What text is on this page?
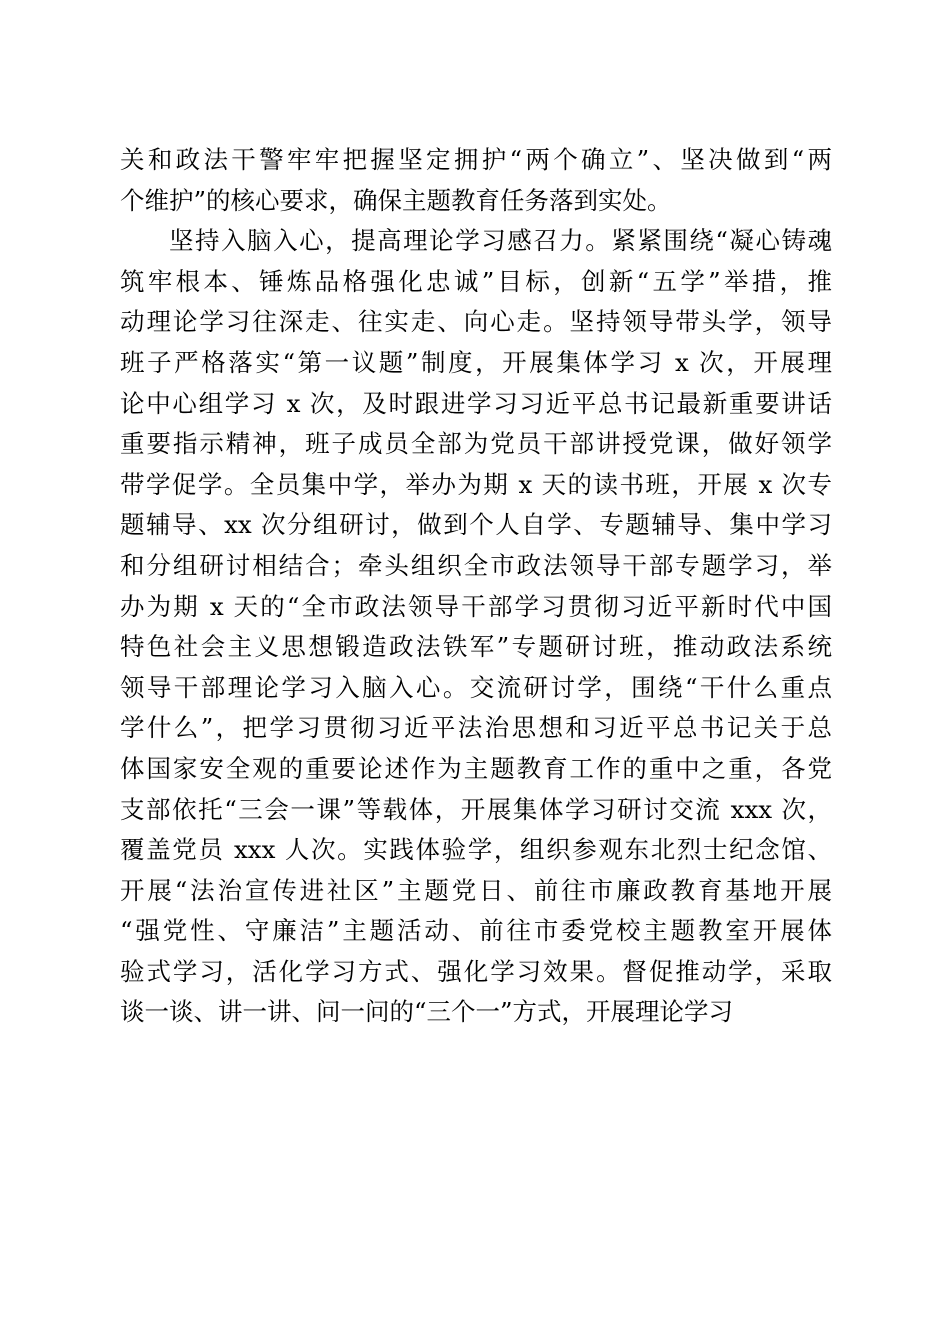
关和政法干警牢牢把握坚定拥护“两个确立”、坚决做到“两
个维护”的核心要求，确保主题教育任务落到实处。
坚持入脑入心，提高理论学习感召力。紧紧围绕“凝心铸魂
筑牢根本、锤炼品格强化忠诚”目标，创新“五学”举措，推
动理论学习往深走、往实走、向心走。坚持领导带头学，领导
班子严格落实“第一议题”制度，开展集体学习 x 次，开展理
论中心组学习 x 次，及时跟进学习习近平总书记最新重要讲话
重要指示精神，班子成员全部为党员干部讲授党课，做好领学
带学促学。全员集中学，举办为期 x 天的读书班，开展 x 次专
题辅导、xx 次分组研讨，做到个人自学、专题辅导、集中学习
和分组研讨相结合；牵头组织全市政法领导干部专题学习，举
办为期 x 天的“全市政法领导干部学习贯彻习近平新时代中国
特色社会主义思想锻造政法铁军”专题研讨班，推动政法系统
领导干部理论学习入脑入心。交流研讨学，围绕“干什么重点
学什么”，把学习贯彻习近平法治思想和习近平总书记关于总
体国家安全观的重要论述作为主题教育工作的重中之重，各党
支部依托“三会一课”等载体，开展集体学习研讨交流 xxx 次，
覆盖党员 xxx 人次。实践体验学，组织参观东北烈士纪念馆、
开展“法治宣传进社区”主题党日、前往市廉政教育基地开展
“强党性、守廉洁”主题活动、前往市委党校主题教室开展体
验式学习，活化学习方式、强化学习效果。督促推动学，采取
谈一谈、讲一讲、问一问的“三个一”方式，开展理论学习
